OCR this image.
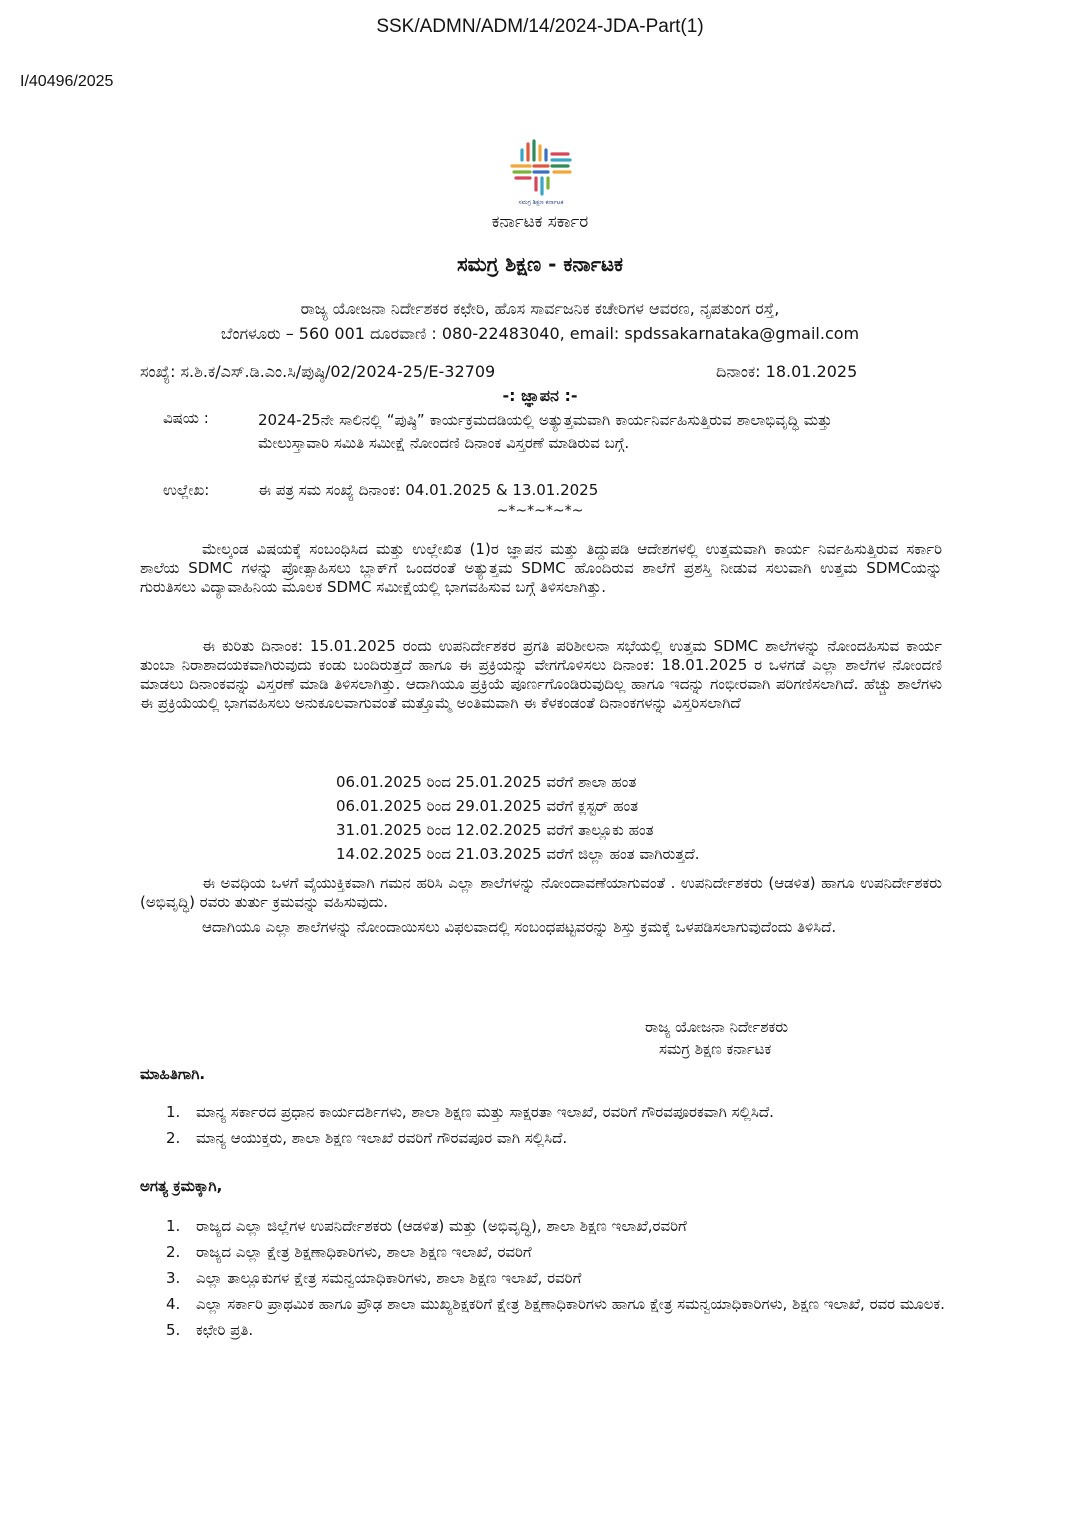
SSK/ADMN/ADM/14/2024-JDA-Part(1)
I/40496/2025
ಸಮಗ್ರ ಶಿಕ್ಷಣ ಕರ್ನಾಟಕ
ಕರ್ನಾಟಕ ಸರ್ಕಾರ
ಸಮಗ್ರ ಶಿಕ್ಷಣ - ಕರ್ನಾಟಕ
ರಾಜ್ಯ ಯೋಜನಾ ನಿರ್ದೇಶಕರ ಕಛೇರಿ, ಹೊಸ ಸಾರ್ವಜನಿಕ ಕಚೇರಿಗಳ ಆವರಣ, ನೃಪತುಂಗ ರಸ್ತೆ,
ಬೆಂಗಳೂರು – 560 001 ದೂರವಾಣಿ : 080-22483040, email: spdssakarnataka@gmail.com
ಸಂಖ್ಯೆ: ಸ.ಶಿ.ಕ/ಎಸ್.ಡಿ.ಎಂ.ಸಿ/ಪುಷ್ಠಿ/02/2024-25/E-32709	ದಿನಾಂಕ: 18.01.2025
-: ಜ್ಞಾಪನ :-
ವಿಷಯ :	2024-25ನೇ ಸಾಲಿನಲ್ಲಿ “ಪುಷ್ಠಿ” ಕಾರ್ಯಕ್ರಮದಡಿಯಲ್ಲಿ ಅತ್ಯುತ್ತಮವಾಗಿ ಕಾರ್ಯನಿರ್ವಹಿಸುತ್ತಿರುವ ಶಾಲಾಭಿವೃದ್ಧಿ ಮತ್ತು ಮೇಲುಸ್ತಾವಾರಿ ಸಮಿತಿ ಸಮೀಕ್ಷೆ ನೋಂದಣಿ ದಿನಾಂಕ ವಿಸ್ತರಣೆ ಮಾಡಿರುವ ಬಗ್ಗೆ.
ಉಲ್ಲೇಖ:	ಈ ಪತ್ರ ಸಮ ಸಂಖ್ಯೆ ದಿನಾಂಕ: 04.01.2025 & 13.01.2025
~*~*~*~*~
ಮೇಲ್ಕಂಡ ವಿಷಯಕ್ಕೆ ಸಂಬಂಧಿಸಿದ ಮತ್ತು ಉಲ್ಲೇಖಿತ (1)ರ ಜ್ಞಾಪನ ಮತ್ತು ತಿದ್ದುಪಡಿ ಆದೇಶಗಳಲ್ಲಿ ಉತ್ತಮವಾಗಿ ಕಾರ್ಯ ನಿರ್ವಹಿಸುತ್ತಿರುವ ಸರ್ಕಾರಿ ಶಾಲೆಯ SDMC ಗಳನ್ನು ಪ್ರೋತ್ಸಾಹಿಸಲು ಬ್ಲಾಕ್‌ಗೆ ಒಂದರಂತೆ ಅತ್ಯುತ್ತಮ SDMC ಹೊಂದಿರುವ ಶಾಲೆಗೆ ಪ್ರಶಸ್ತಿ ನೀಡುವ ಸಲುವಾಗಿ ಉತ್ತಮ SDMCಯನ್ನು ಗುರುತಿಸಲು ವಿದ್ಯಾವಾಹಿನಿಯ ಮೂಲಕ SDMC ಸಮೀಕ್ಷೆಯಲ್ಲಿ ಭಾಗವಹಿಸುವ ಬಗ್ಗೆ ತಿಳಿಸಲಾಗಿತ್ತು.
ಈ ಕುರಿತು ದಿನಾಂಕ: 15.01.2025 ರಂದು ಉಪನಿರ್ದೇಶಕರ ಪ್ರಗತಿ ಪರಿಶೀಲನಾ ಸಭೆಯಲ್ಲಿ ಉತ್ತಮ SDMC ಶಾಲೆಗಳನ್ನು ನೋಂದಹಿಸುವ ಕಾರ್ಯ ತುಂಬಾ ನಿರಾಶಾದಯಕವಾಗಿರುವುದು ಕಂಡು ಬಂದಿರುತ್ತದೆ ಹಾಗೂ ಈ ಪ್ರಕ್ರಿಯನ್ನು ವೇಗಗೊಳಿಸಲು ದಿನಾಂಕ: 18.01.2025 ರ ಒಳಗಡೆ ಎಲ್ಲಾ ಶಾಲೆಗಳ ನೋಂದಣಿ ಮಾಡಲು ದಿನಾಂಕವನ್ನು ವಿಸ್ತರಣೆ ಮಾಡಿ ತಿಳಿಸಲಾಗಿತ್ತು. ಆದಾಗಿಯೂ ಪ್ರಕ್ರಿಯೆ ಪೂರ್ಣಗೊಂಡಿರುವುದಿಲ್ಲ ಹಾಗೂ ಇದನ್ನು ಗಂಭೀರವಾಗಿ ಪರಿಗಣಿಸಲಾಗಿದೆ. ಹೆಚ್ಚು ಶಾಲೆಗಳು ಈ ಪ್ರಕ್ರಿಯೆಯಲ್ಲಿ ಭಾಗವಹಿಸಲು ಅನುಕೂಲವಾಗುವಂತೆ ಮತ್ತೊಮ್ಮೆ ಅಂತಿಮವಾಗಿ ಈ ಕೆಳಕಂಡಂತೆ ದಿನಾಂಕಗಳನ್ನು ವಿಸ್ತರಿಸಲಾಗಿದೆ
06.01.2025 ರಿಂದ 25.01.2025 ವರೆಗೆ ಶಾಲಾ ಹಂತ
06.01.2025 ರಿಂದ 29.01.2025 ವರೆಗೆ ಕ್ಲಸ್ಟರ್ ಹಂತ
31.01.2025 ರಿಂದ 12.02.2025 ವರೆಗೆ ತಾಲ್ಲೂಕು ಹಂತ
14.02.2025 ರಿಂದ 21.03.2025 ವರೆಗೆ ಜಿಲ್ಲಾ ಹಂತ ವಾಗಿರುತ್ತದೆ.
ಈ ಅವಧಿಯ ಒಳಗೆ ವೈಯುಕ್ತಿಕವಾಗಿ ಗಮನ ಹರಿಸಿ ಎಲ್ಲಾ ಶಾಲೆಗಳನ್ನು ನೋಂದಾವಣೆಯಾಗುವಂತೆ . ಉಪನಿರ್ದೇಶಕರು (ಆಡಳಿತ) ಹಾಗೂ ಉಪನಿರ್ದೇಶಕರು (ಅಭಿವೃದ್ಧಿ) ರವರು ತುರ್ತು ಕ್ರಮವನ್ನು ವಹಿಸುವುದು.
ಆದಾಗಿಯೂ ಎಲ್ಲಾ ಶಾಲೆಗಳನ್ನು ನೋಂದಾಯಿಸಲು ವಿಫಲವಾದಲ್ಲಿ ಸಂಬಂಧಪಟ್ಟವರನ್ನು ಶಿಸ್ತು ಕ್ರಮಕ್ಕೆ ಒಳಪಡಿಸಲಾಗುವುದೆಂದು ತಿಳಿಸಿದೆ.
ರಾಜ್ಯ ಯೋಜನಾ ನಿರ್ದೇಶಕರು
ಸಮಗ್ರ ಶಿಕ್ಷಣ ಕರ್ನಾಟಕ
ಮಾಹಿತಿಗಾಗಿ.
1.	ಮಾನ್ಯ ಸರ್ಕಾರದ ಪ್ರಧಾನ ಕಾರ್ಯದರ್ಶಿಗಳು, ಶಾಲಾ ಶಿಕ್ಷಣ ಮತ್ತು ಸಾಕ್ಷರತಾ ಇಲಾಖೆ, ರವರಿಗೆ ಗೌರವಪೂರಕವಾಗಿ ಸಲ್ಲಿಸಿದೆ.
2.	ಮಾನ್ಯ ಆಯುಕ್ತರು, ಶಾಲಾ ಶಿಕ್ಷಣ ಇಲಾಖೆ ರವರಿಗೆ ಗೌರವಪೂರ ವಾಗಿ ಸಲ್ಲಿಸಿದೆ.
ಅಗತ್ಯ ಕ್ರಮಕ್ಕಾಗಿ,
1.	ರಾಜ್ಯದ ಎಲ್ಲಾ ಜಿಲ್ಲೆಗಳ ಉಪನಿರ್ದೇಶಕರು (ಆಡಳಿತ) ಮತ್ತು (ಅಭಿವೃದ್ಧಿ), ಶಾಲಾ ಶಿಕ್ಷಣ ಇಲಾಖೆ,ರವರಿಗೆ
2.	ರಾಜ್ಯದ ಎಲ್ಲಾ ಕ್ಷೇತ್ರ ಶಿಕ್ಷಣಾಧಿಕಾರಿಗಳು, ಶಾಲಾ ಶಿಕ್ಷಣ ಇಲಾಖೆ, ರವರಿಗೆ
3.	ಎಲ್ಲಾ ತಾಲ್ಲೂಕುಗಳ ಕ್ಷೇತ್ರ ಸಮನ್ವಯಾಧಿಕಾರಿಗಳು, ಶಾಲಾ ಶಿಕ್ಷಣ ಇಲಾಖೆ, ರವರಿಗೆ
4.	ಎಲ್ಲಾ ಸರ್ಕಾರಿ ಪ್ರಾಥಮಿಕ ಹಾಗೂ ಪ್ರೌಢ ಶಾಲಾ ಮುಖ್ಯಶಿಕ್ಷಕರಿಗೆ ಕ್ಷೇತ್ರ ಶಿಕ್ಷಣಾಧಿಕಾರಿಗಳು ಹಾಗೂ ಕ್ಷೇತ್ರ ಸಮನ್ವಯಾಧಿಕಾರಿಗಳು, ಶಿಕ್ಷಣ ಇಲಾಖೆ, ರವರ ಮೂಲಕ.
5.	ಕಛೇರಿ ಪ್ರತಿ.
